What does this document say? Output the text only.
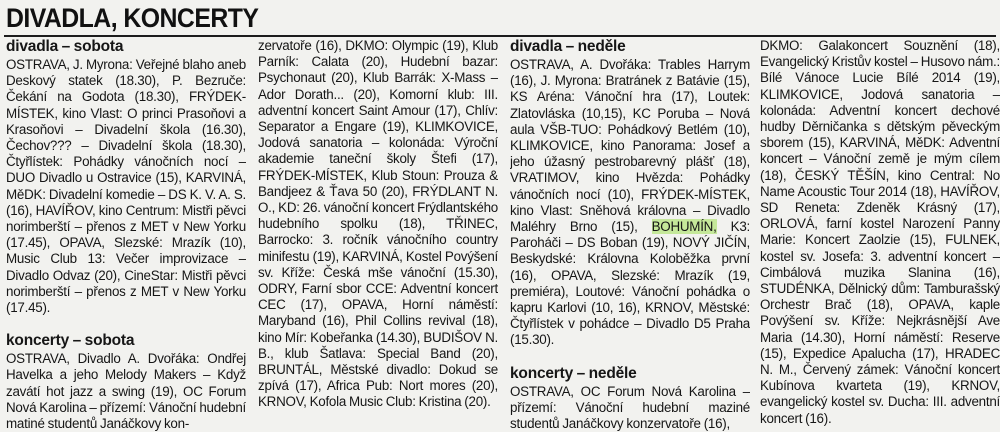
DIVADLA, KONCERTY

divadla – sobota

OSTRAVA, J. Myrona: Veřejné blaho aneb Deskový statek (18.30), P. Bezruče: Čekání na Godota (18.30), FRÝDEK-MÍSTEK, kino Vlast: O princi Prasoňovi a Krasoňovi – Divadelní škola (16.30), Čechov??? – Divadelní škola (18.30), Čtyřlístek: Pohádky vánočních nocí – DUO Divadlo u Ostravice (15), KARVINÁ, MěDK: Divadelní komedie – DS K. V. A. S. (16), HAVÍŘOV, kino Centrum: Mistři pěvci norimberští – přenos z MET v New Yorku (17.45), OPAVA, Slezské: Mrazík (10), Music Club 13: Večer improvizace – Divadlo Odvaz (20), CineStar: Mistři pěvci norimberští – přenos z MET v New Yorku (17.45).

koncerty – sobota

OSTRAVA, Divadlo A. Dvořáka: Ondřej Havelka a jeho Melody Makers – Když zavátí hot jazz a swing (19), OC Forum Nová Karolina – přízemí: Vánoční hudební matiné studentů Janáčkovy kon-

zervatoře (16), DKMO: Olympic (19), Klub Parník: Calata (20), Hudební bazar: Psychonaut (20), Klub Barrák: X-Mass – Ador Dorath... (20), Komorní klub: III. adventní koncert Saint Amour (17), Chlív: Separator a Engare (19), KLIMKOVICE, Jodová sanatoria – kolonáda: Výroční akademie taneční školy Štefi (17), FRÝDEK-MÍSTEK, Klub Stoun: Prouza & Bandjeez & Ťava 50 (20), FRÝDLANT N. O., KD: 26. vánoční koncert Frýdlantského hudebního spolku (18), TŘINEC, Barrocko: 3. ročník vánočního country minifestu (19), KARVINÁ, Kostel Povýšení sv. Kříže: Česká mše vánoční (15.30), ODRY, Farní sbor CCE: Adventní koncert CEC (17), OPAVA, Horní náměstí: Maryband (16), Phil Collins revival (18), kino Mír: Kobeřanka (14.30), BUDIŠOV N. B., klub Šatlava: Special Band (20), BRUNTÁL, Městské divadlo: Dokud se zpívá (17), Africa Pub: Nort mores (20), KRNOV, Kofola Music Club: Kristina (20).

divadla – neděle

OSTRAVA, A. Dvořáka: Trables Harrym (16), J. Myrona: Bratránek z Batávie (15), KS Aréna: Vánoční hra (17), Loutek: Zlatovláska (10,15), KC Poruba – Nová aula VŠB-TUO: Pohádkový Betlém (10), KLIMKOVICE, kino Panorama: Josef a jeho úžasný pestrobarevný plášť (18), VRATIMOV, kino Hvězda: Pohádky vánočních nocí (10), FRÝDEK-MÍSTEK, kino Vlast: Sněhová královna – Divadlo Maléhry Brno (15), BOHUMÍN, K3: Paroháči – DS Boban (19), NOVÝ JIČÍN, Beskydské: Královna Koloběžka první (16), OPAVA, Slezské: Mrazík (19, premiéra), Loutové: Vánoční pohádka o kapru Karlovi (10, 16), KRNOV, Městské: Čtyřlístek v pohádce – Divadlo D5 Praha (15.30).

koncerty – neděle

OSTRAVA, OC Forum Nová Karolina – přízemí: Vánoční hudební maziné studentů Janáčkovy konzervatoře (16),

DKMO: Galakoncert Souznění (18), Evangelický Kristův kostel – Husovo nám.: Bílé Vánoce Lucie Bílé 2014 (19), KLIMKOVICE, Jodová sanatoria – kolonáda: Adventní koncert dechové hudby Děrničanka s dětským pěveckým sborem (15), KARVINÁ, MěDK: Adventní koncert – Vánoční země je mým cílem (18), ČESKÝ TĚŠÍN, kino Central: No Name Acoustic Tour 2014 (18), HAVÍŘOV, SD Reneta: Zdeněk Krásný (17), ORLOVÁ, farní kostel Narození Panny Marie: Koncert Zaolzie (15), FULNEK, kostel sv. Josefa: 3. adventní koncert – Cimbálová muzika Slanina (16), STUDÉNKA, Dělnický dům: Tamburašský Orchestr Brač (18), OPAVA, kaple Povýšení sv. Kříže: Nejkrásnější Ave Maria (14.30), Horní náměstí: Reserve (15), Expedice Apalucha (17), HRADEC N. M., Červený zámek: Vánoční koncert Kubínova kvarteta (19), KRNOV, evangelický kostel sv. Ducha: III. adventní koncert (16).
